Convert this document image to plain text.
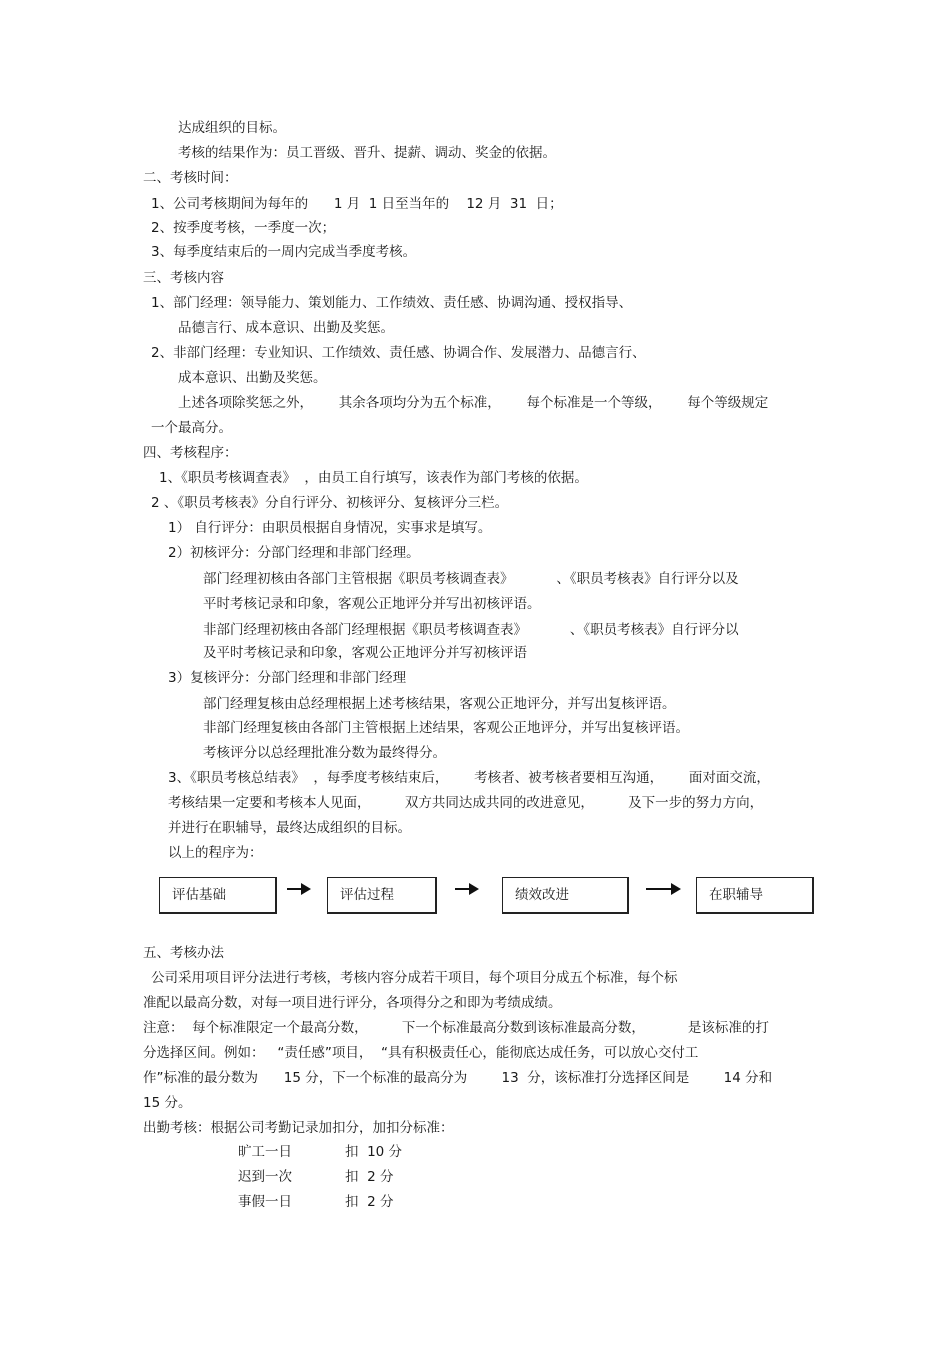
达成组织的目标。
考核的结果作为：员工晋级、晋升、提薪、调动、奖金的依据。
二、考核时间：
1、公司考核期间为每年的      1 月  1 日至当年的    12 月  31  日；
2、按季度考核，一季度一次；
3、每季度结束后的一周内完成当季度考核。
三、考核内容
1、部门经理：领导能力、策划能力、工作绩效、责任感、协调沟通、授权指导、
品德言行、成本意识、出勤及奖惩。
2、非部门经理：专业知识、工作绩效、责任感、协调合作、发展潜力、品德言行、
成本意识、出勤及奖惩。
上述各项除奖惩之外，      其余各项均分为五个标准，      每个标准是一个等级，      每个等级规定
一个最高分。
四、考核程序：
1、《职员考核调查表》  ，由员工自行填写，该表作为部门考核的依据。
2 、《职员考核表》分自行评分、初核评分、复核评分三栏。
1） 自行评分：由职员根据自身情况，实事求是填写。
2）初核评分：分部门经理和非部门经理。
部门经理初核由各部门主管根据《职员考核调查表》          、《职员考核表》自行评分以及
平时考核记录和印象，客观公正地评分并写出初核评语。
非部门经理初核由各部门经理根据《职员考核调查表》          、《职员考核表》自行评分以
及平时考核记录和印象，客观公正地评分并写初核评语
3）复核评分：分部门经理和非部门经理
部门经理复核由总经理根据上述考核结果，客观公正地评分，并写出复核评语。
非部门经理复核由各部门主管根据上述结果，客观公正地评分，并写出复核评语。
考核评分以总经理批准分数为最终得分。
3、《职员考核总结表》  ，每季度考核结束后，      考核者、被考核者要相互沟通，      面对面交流，
考核结果一定要和考核本人见面，        双方共同达成共同的改进意见，        及下一步的努力方向，
并进行在职辅导，最终达成组织的目标。
以上的程序为：
评估基础	评估过程	绩效改进	在职辅导
五、考核办法
公司采用项目评分法进行考核，考核内容分成若干项目，每个项目分成五个标准，每个标
准配以最高分数，对每一项目进行评分，各项得分之和即为考绩成绩。
注意：  每个标准限定一个最高分数，        下一个标准最高分数到该标准最高分数，          是该标准的打
分选择区间。例如：   “责任感”项目，  “具有积极责任心，能彻底达成任务，可以放心交付工
作”标准的最分数为      15 分，下一个标准的最高分为        13  分，该标准打分选择区间是        14 分和
15 分。
出勤考核：根据公司考勤记录加扣分，加扣分标准：
旷工一日	扣  10 分
迟到一次	扣  2 分
事假一日	扣  2 分
